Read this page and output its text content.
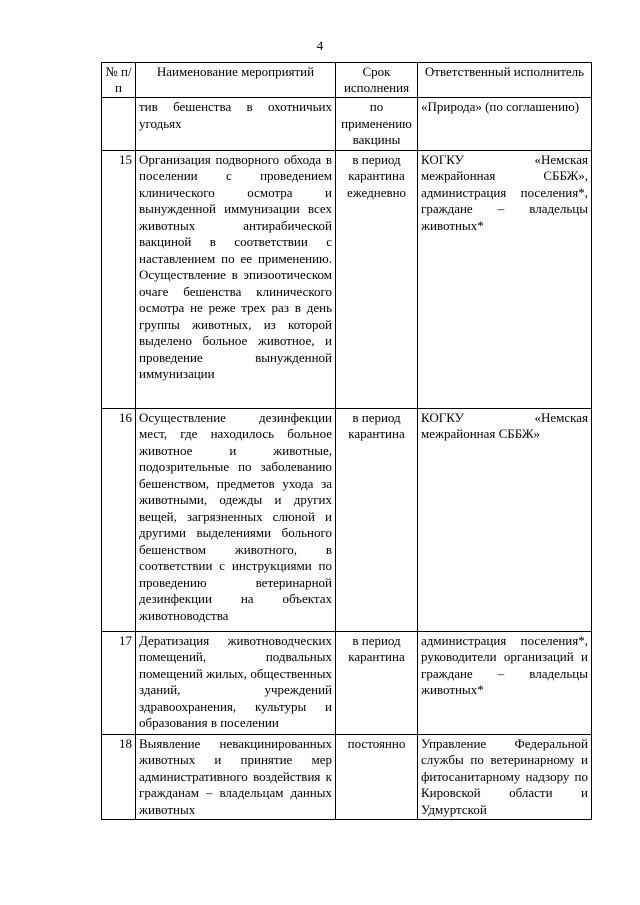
4
№ п/п	Наименование мероприятий	Срок исполнения	Ответственный исполнитель
	тив бешенства в охотничьих угодьях	по применению вакцины	«Природа» (по соглашению)
15	Организация подворного обхода в поселении с проведением клинического осмотра и вынужденной иммунизации всех животных антирабической вакциной в соответствии с наставлением по ее применению. Осуществление в эпизоотическом очаге бешенства клинического осмотра не реже трех раз в день группы животных, из которой выделено больное животное, и проведение вынужденной иммунизации	в период карантина ежедневно	КОГКУ «Немская межрайонная СББЖ», администрация поселения*, граждане – владельцы животных*
16	Осуществление дезинфекции мест, где находилось больное животное и животные, подозрительные по заболеванию бешенством, предметов ухода за животными, одежды и других вещей, загрязненных слюной и другими выделениями больного бешенством животного, в соответствии с инструкциями по проведению ветеринарной дезинфекции на объектах животноводства	в период карантина	КОГКУ «Немская межрайонная СББЖ»
17	Дератизация животноводческих помещений, подвальных помещений жилых, общественных зданий, учреждений здравоохранения, культуры и образования в поселении	в период карантина	администрация поселения*, руководители организаций и граждане – владельцы животных*
18	Выявление невакцинированных животных и принятие мер административного воздействия к гражданам – владельцам данных животных	постоянно	Управление Федеральной службы по ветеринарному и фитосанитарному надзору по Кировской области и Удмуртской
